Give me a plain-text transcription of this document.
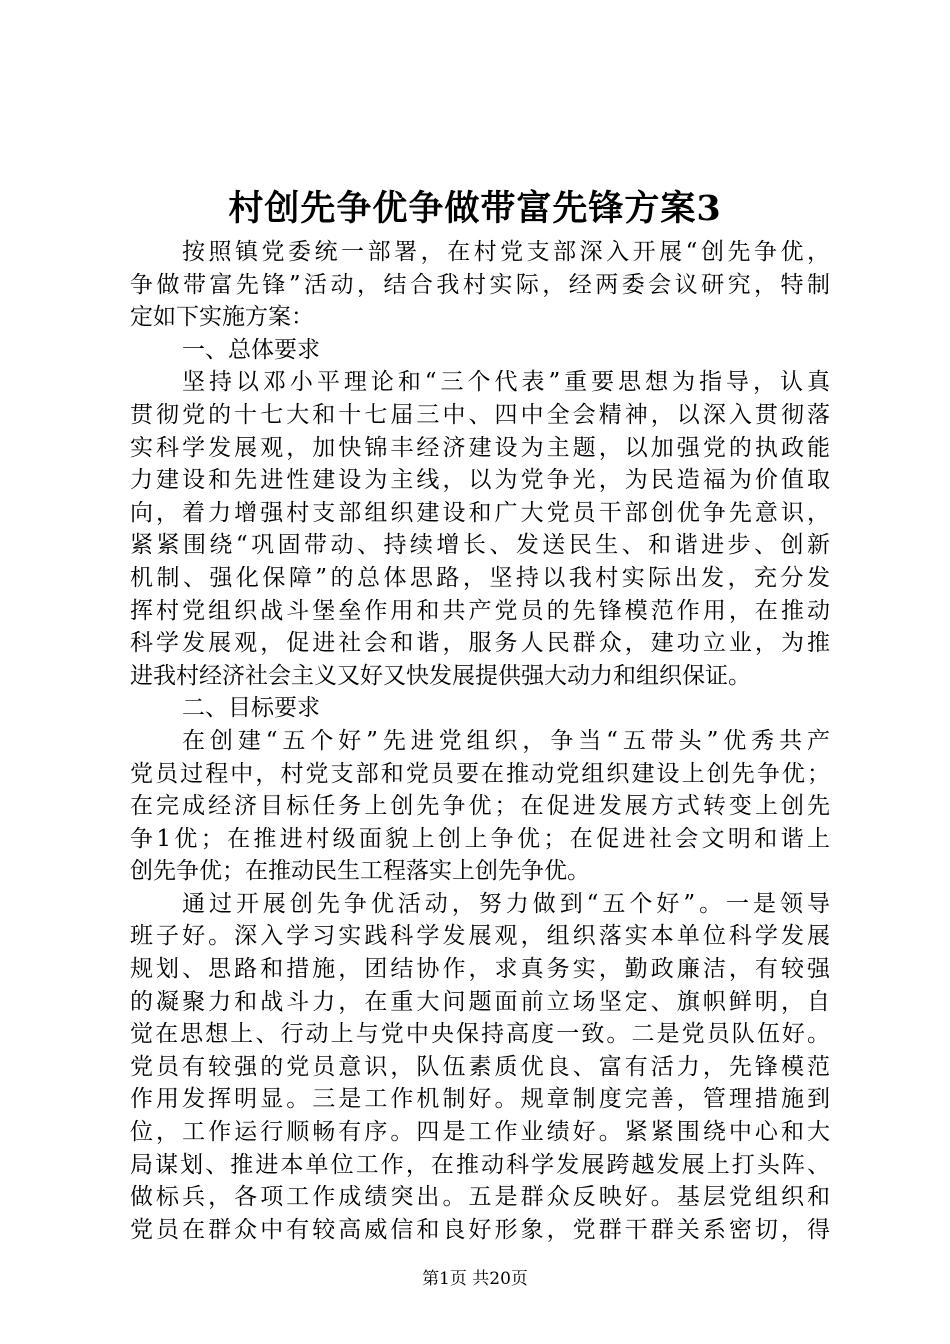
村创先争优争做带富先锋方案3
按照镇党委统一部署，在村党支部深入开展“创先争优，
争做带富先锋”活动，结合我村实际，经两委会议研究，特制
定如下实施方案：
一、总体要求
坚持以邓小平理论和“三个代表”重要思想为指导，认真
贯彻党的十七大和十七届三中、四中全会精神，以深入贯彻落
实科学发展观，加快锦丰经济建设为主题，以加强党的执政能
力建设和先进性建设为主线，以为党争光，为民造福为价值取
向，着力增强村支部组织建设和广大党员干部创优争先意识，
紧紧围绕“巩固带动、持续增长、发送民生、和谐进步、创新
机制、强化保障”的总体思路，坚持以我村实际出发，充分发
挥村党组织战斗堡垒作用和共产党员的先锋模范作用，在推动
科学发展观，促进社会和谐，服务人民群众，建功立业，为推
进我村经济社会主义又好又快发展提供强大动力和组织保证。
二、目标要求
在创建“五个好”先进党组织，争当“五带头”优秀共产
党员过程中，村党支部和党员要在推动党组织建设上创先争优；
在完成经济目标任务上创先争优；在促进发展方式转变上创先
争1优；在推进村级面貌上创上争优；在促进社会文明和谐上
创先争优；在推动民生工程落实上创先争优。
通过开展创先争优活动，努力做到“五个好”。一是领导
班子好。深入学习实践科学发展观，组织落实本单位科学发展
规划、思路和措施，团结协作，求真务实，勤政廉洁，有较强
的凝聚力和战斗力，在重大问题面前立场坚定、旗帜鲜明，自
觉在思想上、行动上与党中央保持高度一致。二是党员队伍好。
党员有较强的党员意识，队伍素质优良、富有活力，先锋模范
作用发挥明显。三是工作机制好。规章制度完善，管理措施到
位，工作运行顺畅有序。四是工作业绩好。紧紧围绕中心和大
局谋划、推进本单位工作，在推动科学发展跨越发展上打头阵、
做标兵，各项工作成绩突出。五是群众反映好。基层党组织和
党员在群众中有较高威信和良好形象，党群干群关系密切，得
第1页 共20页
